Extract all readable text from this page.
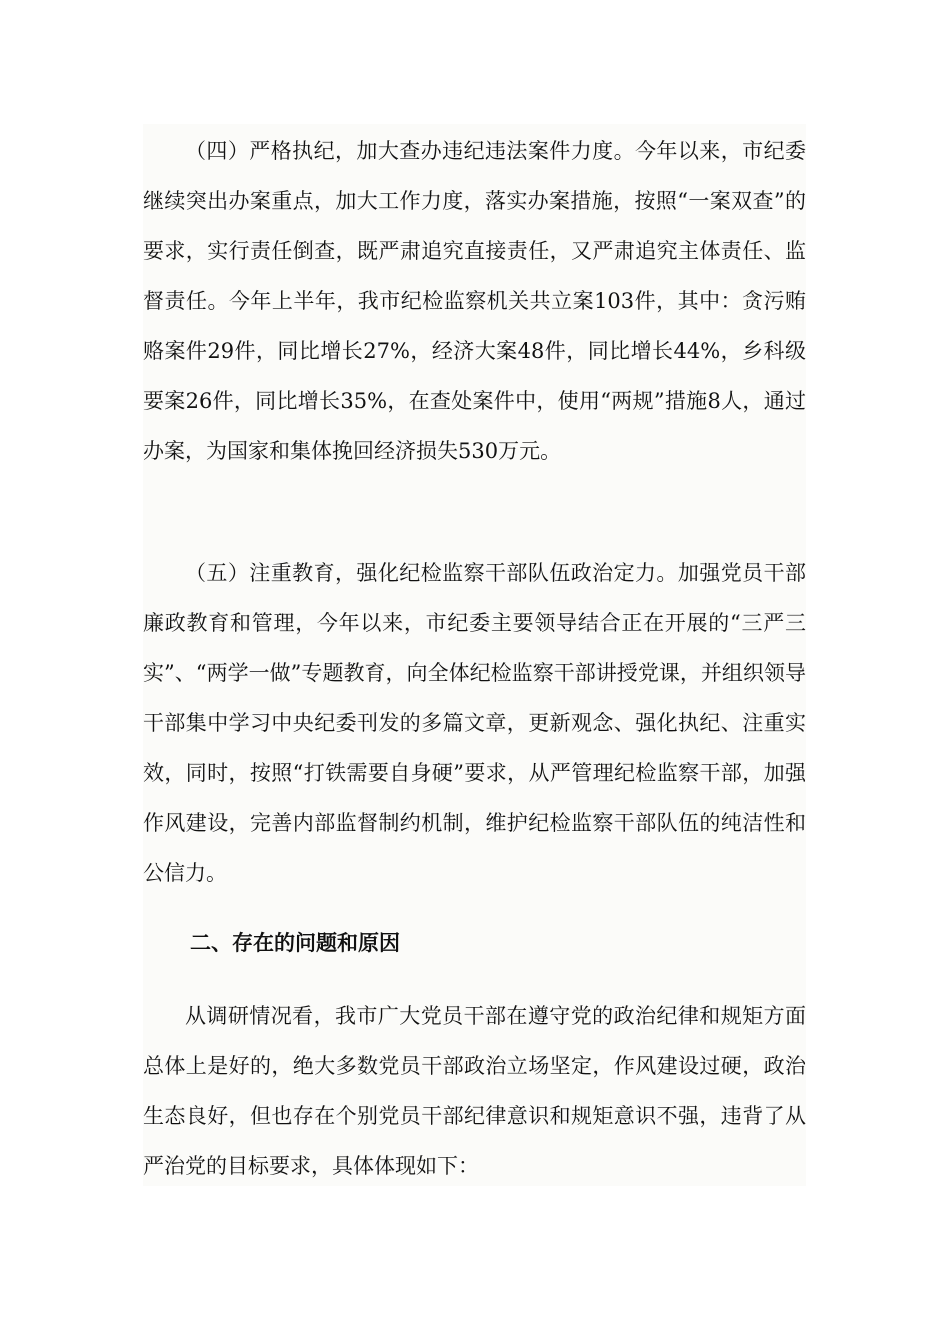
（四）严格执纪，加大查办违纪违法案件力度。今年以来，市纪委继续突出办案重点，加大工作力度，落实办案措施，按照“一案双查”的要求，实行责任倒查，既严肃追究直接责任，又严肃追究主体责任、监督责任。今年上半年，我市纪检监察机关共立案103件，其中：贪污贿赂案件29件，同比增长27%，经济大案48件，同比增长44%，乡科级要案26件，同比增长35%，在查处案件中，使用“两规”措施8人，通过办案，为国家和集体挽回经济损失530万元。

（五）注重教育，强化纪检监察干部队伍政治定力。加强党员干部廉政教育和管理，今年以来，市纪委主要领导结合正在开展的“三严三实”、“两学一做”专题教育，向全体纪检监察干部讲授党课，并组织领导干部集中学习中央纪委刊发的多篇文章，更新观念、强化执纪、注重实效，同时，按照“打铁需要自身硬”要求，从严管理纪检监察干部，加强作风建设，完善内部监督制约机制，维护纪检监察干部队伍的纯洁性和公信力。

二、存在的问题和原因

从调研情况看，我市广大党员干部在遵守党的政治纪律和规矩方面总体上是好的，绝大多数党员干部政治立场坚定，作风建设过硬，政治生态良好，但也存在个别党员干部纪律意识和规矩意识不强，违背了从严治党的目标要求，具体体现如下：
